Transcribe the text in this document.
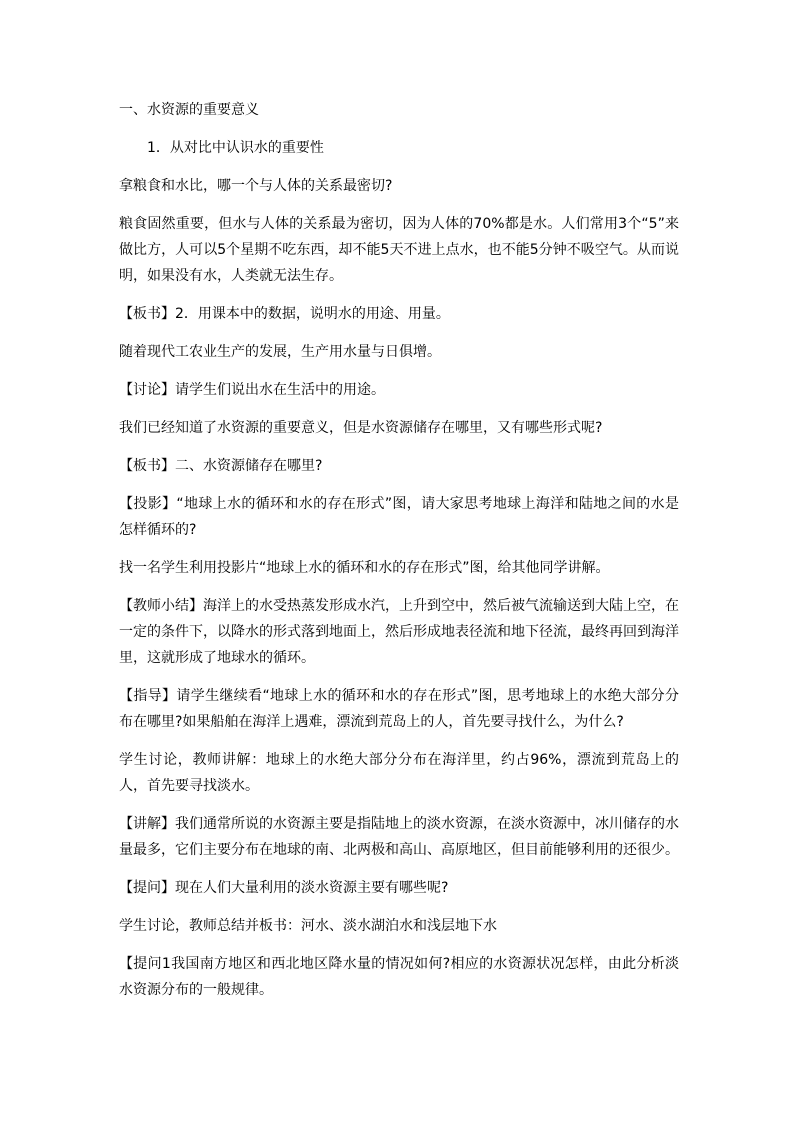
一、水资源的重要意义

1．从对比中认识水的重要性

拿粮食和水比，哪一个与人体的关系最密切?

粮食固然重要，但水与人体的关系最为密切，因为人体的70%都是水。人们常用3个“5”来做比方，人可以5个星期不吃东西，却不能5天不进上点水，也不能5分钟不吸空气。从而说明，如果没有水，人类就无法生存。

【板书】2．用课本中的数据，说明水的用途、用量。

随着现代工农业生产的发展，生产用水量与日俱增。

【讨论】请学生们说出水在生活中的用途。

我们已经知道了水资源的重要意义，但是水资源储存在哪里，又有哪些形式呢?

【板书】二、水资源储存在哪里?

【投影】“地球上水的循环和水的存在形式”图，请大家思考地球上海洋和陆地之间的水是怎样循环的?

找一名学生利用投影片“地球上水的循环和水的存在形式”图，给其他同学讲解。

【教师小结】海洋上的水受热蒸发形成水汽，上升到空中，然后被气流输送到大陆上空，在一定的条件下，以降水的形式落到地面上，然后形成地表径流和地下径流，最终再回到海洋里，这就形成了地球水的循环。

【指导】请学生继续看“地球上水的循环和水的存在形式”图，思考地球上的水绝大部分分布在哪里?如果船舶在海洋上遇难，漂流到荒岛上的人，首先要寻找什么，为什么?

学生讨论，教师讲解：地球上的水绝大部分分布在海洋里，约占96%，漂流到荒岛上的人，首先要寻找淡水。

【讲解】我们通常所说的水资源主要是指陆地上的淡水资源，在淡水资源中，冰川储存的水量最多，它们主要分布在地球的南、北两极和高山、高原地区，但目前能够利用的还很少。

【提问】现在人们大量利用的淡水资源主要有哪些呢?

学生讨论，教师总结并板书：河水、淡水湖泊水和浅层地下水

【提问1我国南方地区和西北地区降水量的情况如何?相应的水资源状况怎样，由此分析淡水资源分布的一般规律。
